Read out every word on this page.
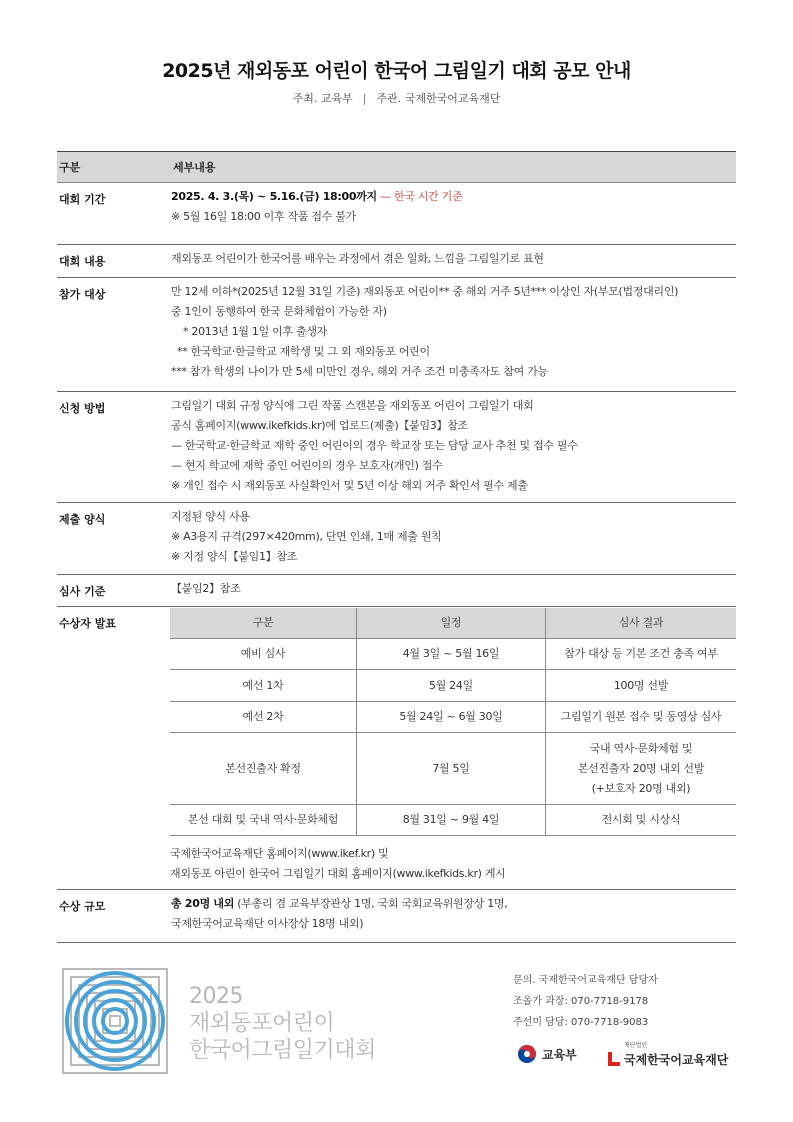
2025년 재외동포 어린이 한국어 그림일기 대회 공모 안내
주최. 교육부 | 주관. 국제한국어교육재단
구분	세부내용
대회 기간	2025. 4. 3.(목) ~ 5.16.(금) 18:00까지 — 한국 시간 기준
※ 5월 16일 18:00 이후 작품 접수 불가
대회 내용	재외동포 어린이가 한국어를 배우는 과정에서 겪은 일화, 느낌을 그림일기로 표현
참가 대상	만 12세 이하*(2025년 12월 31일 기준) 재외동포 어린이** 중 해외 거주 5년*** 이상인 자(부모(법정대리인)
중 1인이 동행하여 한국 문화체험이 가능한 자)
* 2013년 1월 1일 이후 출생자
** 한국학교·한글학교 재학생 및 그 외 재외동포 어린이
*** 참가 학생의 나이가 만 5세 미만인 경우, 해외 거주 조건 미충족자도 참여 가능
신청 방법	그림일기 대회 규정 양식에 그린 작품 스캔본을 재외동포 어린이 그림일기 대회
공식 홈페이지(www.ikefkids.kr)에 업로드(제출)【붙임3】참조
— 한국학교·한글학교 재학 중인 어린이의 경우 학교장 또는 담당 교사 추천 및 접수 필수
— 현지 학교에 재학 중인 어린이의 경우 보호자(개인) 접수
※ 개인 접수 시 재외동포 사실확인서 및 5년 이상 해외 거주 확인서 필수 제출
제출 양식	지정된 양식 사용
※ A3용지 규격(297×420mm), 단면 인쇄, 1매 제출 원칙
※ 지정 양식【붙임1】참조
심사 기준	【붙임2】참조
수상자 발표	구분	일정	심사 결과
예비 심사	4월 3일 ~ 5월 16일	참가 대상 등 기본 조건 충족 여부
예선 1차	5월 24일	100명 선발
예선 2차	5월 24일 ~ 6월 30일	그림일기 원본 접수 및 동영상 심사
본선진출자 확정	7월 5일	국내 역사·문화체험 및
본선진출자 20명 내외 선발
(+보호자 20명 내외)

본선 대회 및 국내 역사·문화체험	8월 31일 ~ 9월 4일	전시회 및 시상식
국제한국어교육재단 홈페이지(www.ikef.kr) 및
재외동포 아린이 한국어 그림일기 대회 홈페이지(www.ikefkids.kr) 게시
수상 규모	총 20명 내외 (부총리 겸 교육부장관상 1명, 국회 국회교육위원장상 1명,
국제한국어교육재단 이사장상 18명 내외)
2025
재외동포어린이
한국어그림일기대회
문의. 국제한국어교육재단 담당자
조올가 과장: 070-7718-9178
주선미 담당: 070-7718-9083
교육부
재단법인
국제한국어교육재단
